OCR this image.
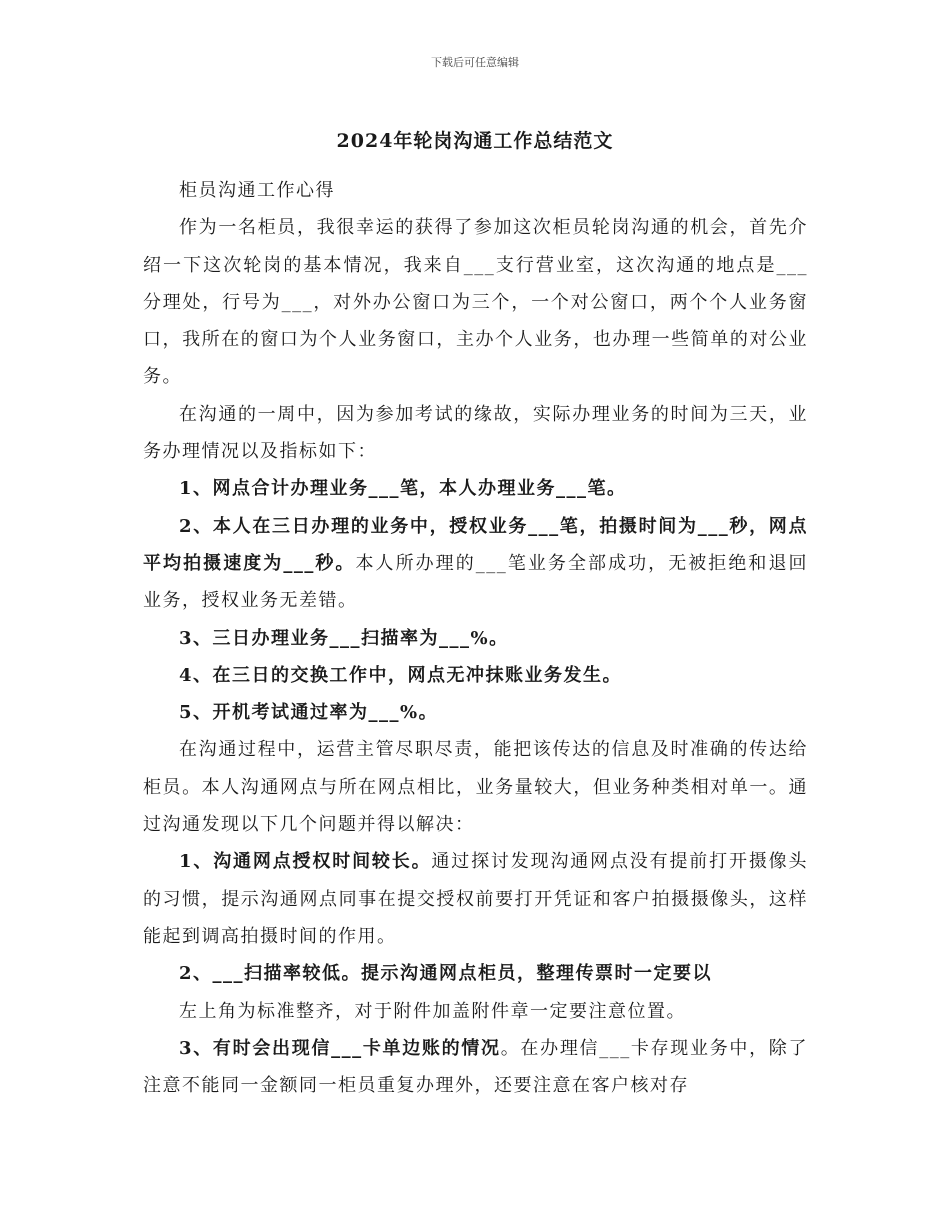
下载后可任意编辑
2024年轮岗沟通工作总结范文

柜员沟通工作心得

作为一名柜员，我很幸运的获得了参加这次柜员轮岗沟通的机会，首先介绍一下这次轮岗的基本情况，我来自___支行营业室，这次沟通的地点是___分理处，行号为___，对外办公窗口为三个，一个对公窗口，两个个人业务窗口，我所在的窗口为个人业务窗口，主办个人业务，也办理一些简单的对公业务。

在沟通的一周中，因为参加考试的缘故，实际办理业务的时间为三天，业务办理情况以及指标如下：

1、网点合计办理业务___笔，本人办理业务___笔。

2、本人在三日办理的业务中，授权业务___笔，拍摄时间为___秒，网点平均拍摄速度为___秒。本人所办理的___笔业务全部成功，无被拒绝和退回业务，授权业务无差错。

3、三日办理业务___扫描率为___%。

4、在三日的交换工作中，网点无冲抹账业务发生。

5、开机考试通过率为___%。

在沟通过程中，运营主管尽职尽责，能把该传达的信息及时准确的传达给柜员。本人沟通网点与所在网点相比，业务量较大，但业务种类相对单一。通过沟通发现以下几个问题并得以解决：

1、沟通网点授权时间较长。通过探讨发现沟通网点没有提前打开摄像头的习惯，提示沟通网点同事在提交授权前要打开凭证和客户拍摄摄像头，这样能起到调高拍摄时间的作用。

2、___扫描率较低。提示沟通网点柜员，整理传票时一定要以

左上角为标准整齐，对于附件加盖附件章一定要注意位置。

3、有时会出现信___卡单边账的情况。在办理信___卡存现业务中，除了注意不能同一金额同一柜员重复办理外，还要注意在客户核对存
